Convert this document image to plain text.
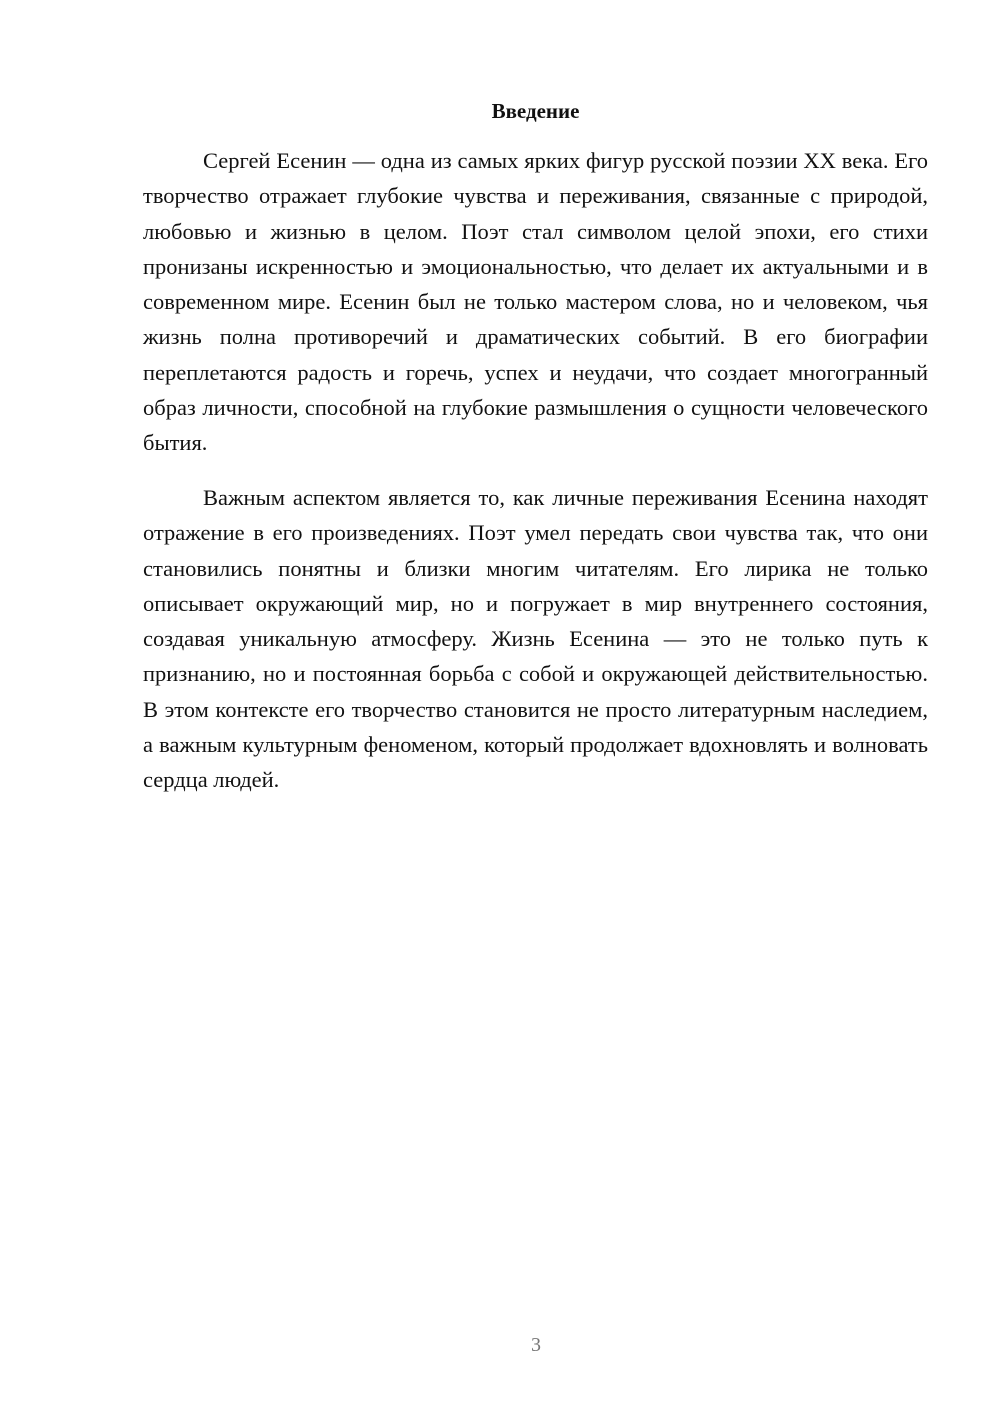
Введение

Сергей Есенин — одна из самых ярких фигур русской поэзии XX века. Его творчество отражает глубокие чувства и переживания, связанные с природой, любовью и жизнью в целом. Поэт стал символом целой эпохи, его стихи пронизаны искренностью и эмоциональностью, что делает их актуальными и в современном мире. Есенин был не только мастером слова, но и человеком, чья жизнь полна противоречий и драматических событий. В его биографии переплетаются радость и горечь, успех и неудачи, что создает многогранный образ личности, способной на глубокие размышления о сущности человеческого бытия.

Важным аспектом является то, как личные переживания Есенина находят отражение в его произведениях. Поэт умел передать свои чувства так, что они становились понятны и близки многим читателям. Его лирика не только описывает окружающий мир, но и погружает в мир внутреннего состояния, создавая уникальную атмосферу. Жизнь Есенина — это не только путь к признанию, но и постоянная борьба с собой и окружающей действительностью. В этом контексте его творчество становится не просто литературным наследием, а важным культурным феноменом, который продолжает вдохновлять и волновать сердца людей.

3
